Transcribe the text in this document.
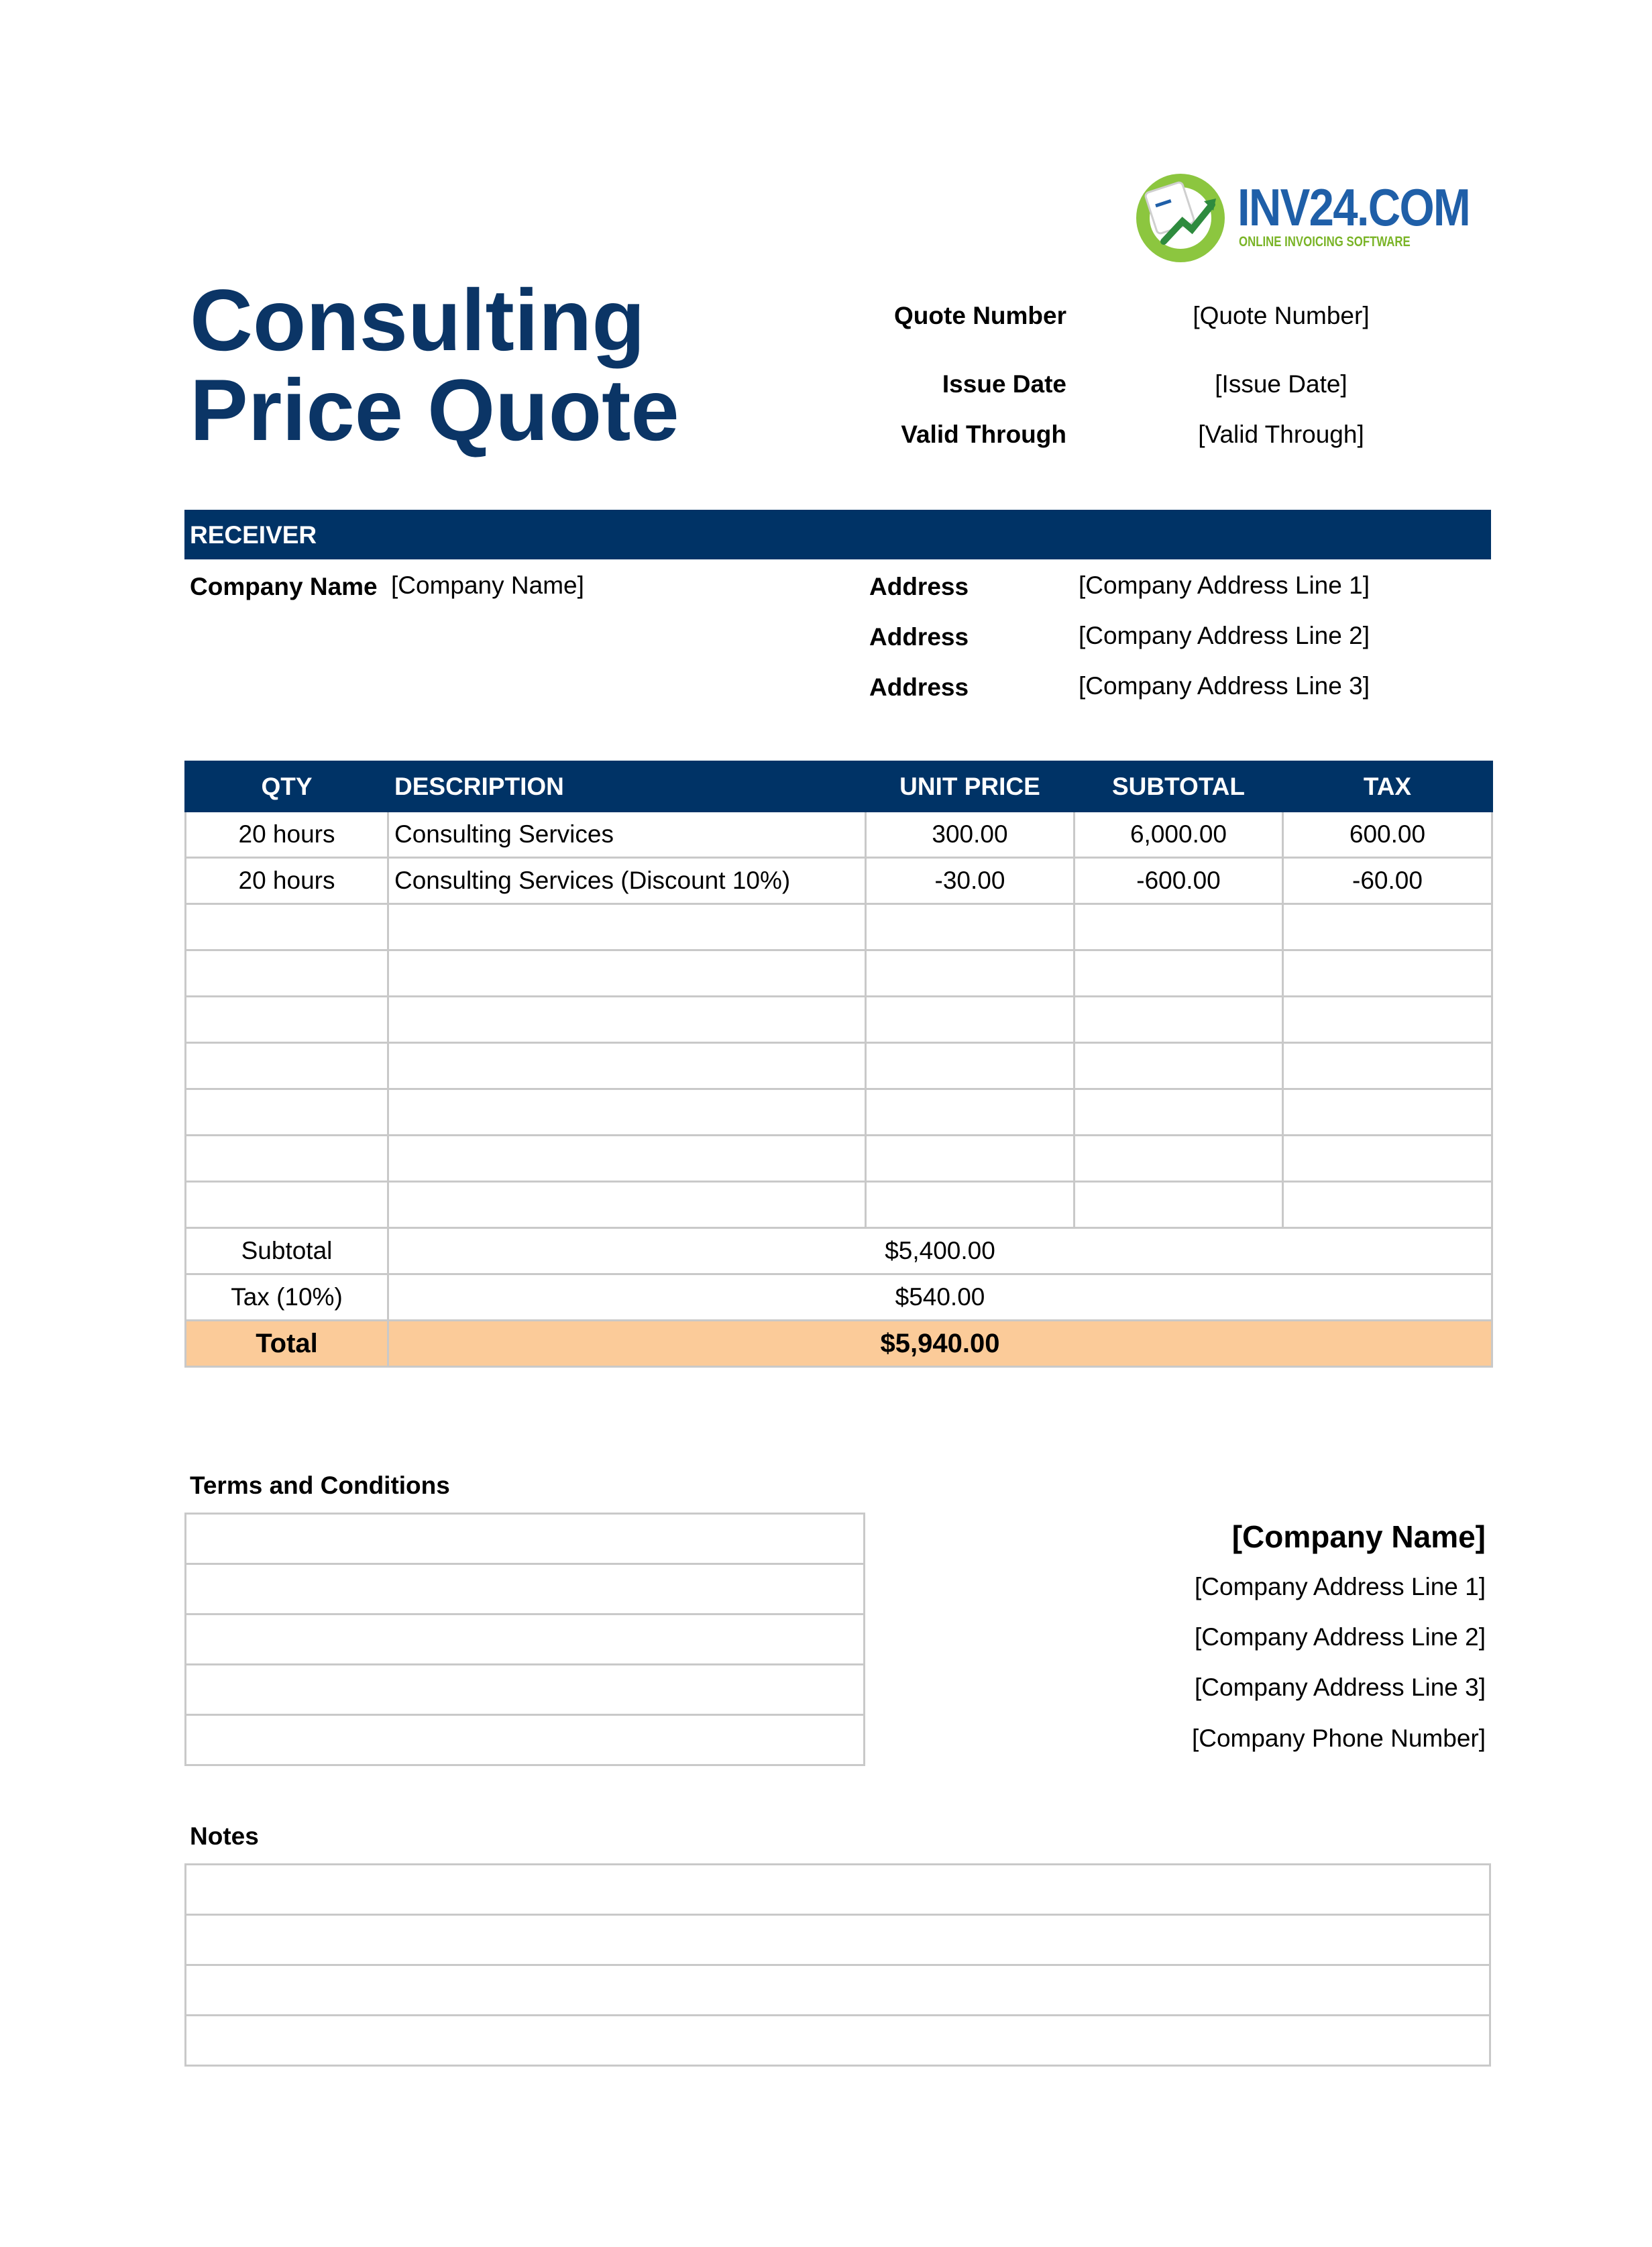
INV24.COM
ONLINE INVOICING SOFTWARE
Consulting
Price Quote
Quote Number	[Quote Number]
Issue Date	[Issue Date]
Valid Through	[Valid Through]
RECEIVER
Company Name [Company Name]	Address	[Company Address Line 1]
Address	[Company Address Line 2]
Address	[Company Address Line 3]
QTY	DESCRIPTION	UNIT PRICE	SUBTOTAL	TAX
20 hours	Consulting Services	300.00	6,000.00	600.00
20 hours	Consulting Services (Discount 10%)	-30.00	-600.00	-60.00

Subtotal	$5,400.00			
Tax (10%)	$540.00			
Total	$5,940.00			
Terms and Conditions
[Company Name]
[Company Address Line 1]
[Company Address Line 2]
[Company Address Line 3]
[Company Phone Number]
Notes
